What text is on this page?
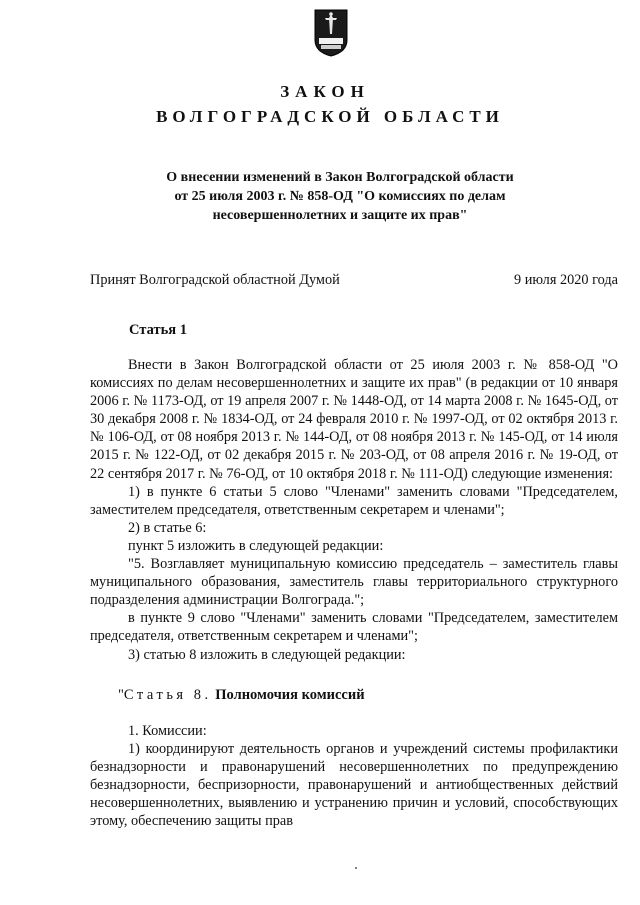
ЗАКОН
ВОЛГОГРАДСКОЙ ОБЛАСТИ
О внесении изменений в Закон Волгоградской области
от 25 июля 2003 г. № 858-ОД "О комиссиях по делам
несовершеннолетних и защите их прав"
Принят Волгоградской областной Думой	9 июля 2020 года
Статья 1

Внести в Закон Волгоградской области от 25 июля 2003 г. № 858-ОД "О комиссиях по делам несовершеннолетних и защите их прав" (в редакции от 10 января 2006 г. № 1173-ОД, от 19 апреля 2007 г. № 1448-ОД, от 14 марта 2008 г. № 1645-ОД, от 30 декабря 2008 г. № 1834-ОД, от 24 февраля 2010 г. № 1997-ОД, от 02 октября 2013 г. № 106-ОД, от 08 ноября 2013 г. № 144-ОД, от 08 ноября 2013 г. № 145-ОД, от 14 июля 2015 г. № 122-ОД, от 02 декабря 2015 г. № 203-ОД, от 08 апреля 2016 г. № 19-ОД, от 22 сентября 2017 г. № 76-ОД, от 10 октября 2018 г. № 111-ОД) следующие изменения:

1) в пункте 6 статьи 5 слово "Членами" заменить словами "Председателем, заместителем председателя, ответственным секретарем и членами";

2) в статье 6:

пункт 5 изложить в следующей редакции:

"5. Возглавляет муниципальную комиссию председатель – заместитель главы муниципального образования, заместитель главы территориального структурного подразделения администрации Волгограда.";

в пункте 9 слово "Членами" заменить словами "Председателем, заместителем председателя, ответственным секретарем и членами";

3) статью 8 изложить в следующей редакции:

"Статья 8. Полномочия комиссий

1. Комиссии:

1) координируют деятельность органов и учреждений системы профилактики безнадзорности и правонарушений несовершеннолетних по предупреждению безнадзорности, беспризорности, правонарушений и антиобщественных действий несовершеннолетних, выявлению и устранению причин и условий, способствующих этому, обеспечению защиты прав
